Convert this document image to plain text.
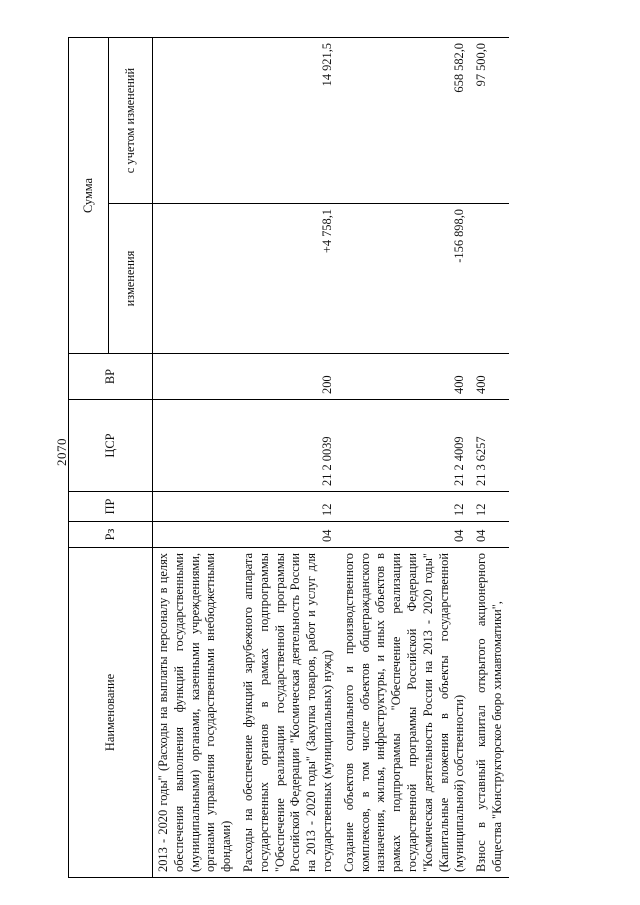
2070
Наименование	Рз	ПР	ЦСР	ВР	Сумма	
					изменения	с учетом изменений
2013 - 2020 годы" (Расходы на выплаты персоналу в целях обеспечения выполнения функций государственными (муниципальными) органами, казенными учреждениями, органами управления государственными внебюджетными фондами)						
Расходы на обеспечение функций зарубежного аппарата государственных органов в рамках подпрограммы "Обеспечение реализации государственной программы Российской Федерации "Космическая деятельность России на 2013 - 2020 годы" (Закупка товаров, работ и услуг для государственных (муниципальных) нужд)	04	12	21 2 0039	200	+4 758,1	14 921,5
Создание объектов социального и производственного комплексов, в том числе объектов общегражданского назначения, жилья, инфраструктуры, и иных объектов в рамках подпрограммы "Обеспечение реализации государственной программы Российской Федерации "Космическая деятельность России на 2013 - 2020 годы" (Капитальные вложения в объекты государственной (муниципальной) собственности)	04	12	21 2 4009	400	-156 898,0	658 582,0
Взнос в уставный капитал открытого акционерного общества "Конструкторское бюро химавтоматики",	04	12	21 3 6257	400		97 500,0
